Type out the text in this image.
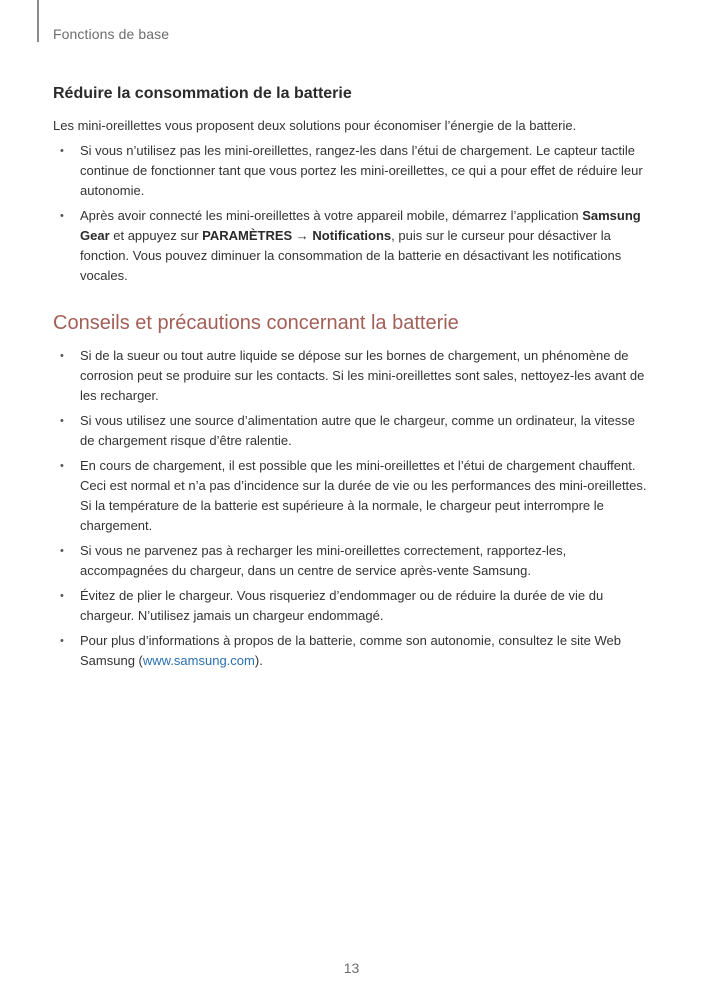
Fonctions de base
Réduire la consommation de la batterie

Les mini-oreillettes vous proposent deux solutions pour économiser l’énergie de la batterie.

• Si vous n’utilisez pas les mini-oreillettes, rangez-les dans l’étui de chargement. Le capteur tactile continue de fonctionner tant que vous portez les mini-oreillettes, ce qui a pour effet de réduire leur autonomie.
• Après avoir connecté les mini-oreillettes à votre appareil mobile, démarrez l’application Samsung Gear et appuyez sur PARAMÈTRES → Notifications, puis sur le curseur pour désactiver la fonction. Vous pouvez diminuer la consommation de la batterie en désactivant les notifications vocales.
Conseils et précautions concernant la batterie
• Si de la sueur ou tout autre liquide se dépose sur les bornes de chargement, un phénomène de corrosion peut se produire sur les contacts. Si les mini-oreillettes sont sales, nettoyez-les avant de les recharger.
• Si vous utilisez une source d’alimentation autre que le chargeur, comme un ordinateur, la vitesse de chargement risque d’être ralentie.
• En cours de chargement, il est possible que les mini-oreillettes et l’étui de chargement chauffent. Ceci est normal et n’a pas d’incidence sur la durée de vie ou les performances des mini-oreillettes. Si la température de la batterie est supérieure à la normale, le chargeur peut interrompre le chargement.
• Si vous ne parvenez pas à recharger les mini-oreillettes correctement, rapportez-les, accompagnées du chargeur, dans un centre de service après-vente Samsung.
• Évitez de plier le chargeur. Vous risqueriez d’endommager ou de réduire la durée de vie du chargeur. N’utilisez jamais un chargeur endommagé.
• Pour plus d’informations à propos de la batterie, comme son autonomie, consultez le site Web Samsung (www.samsung.com).
13
